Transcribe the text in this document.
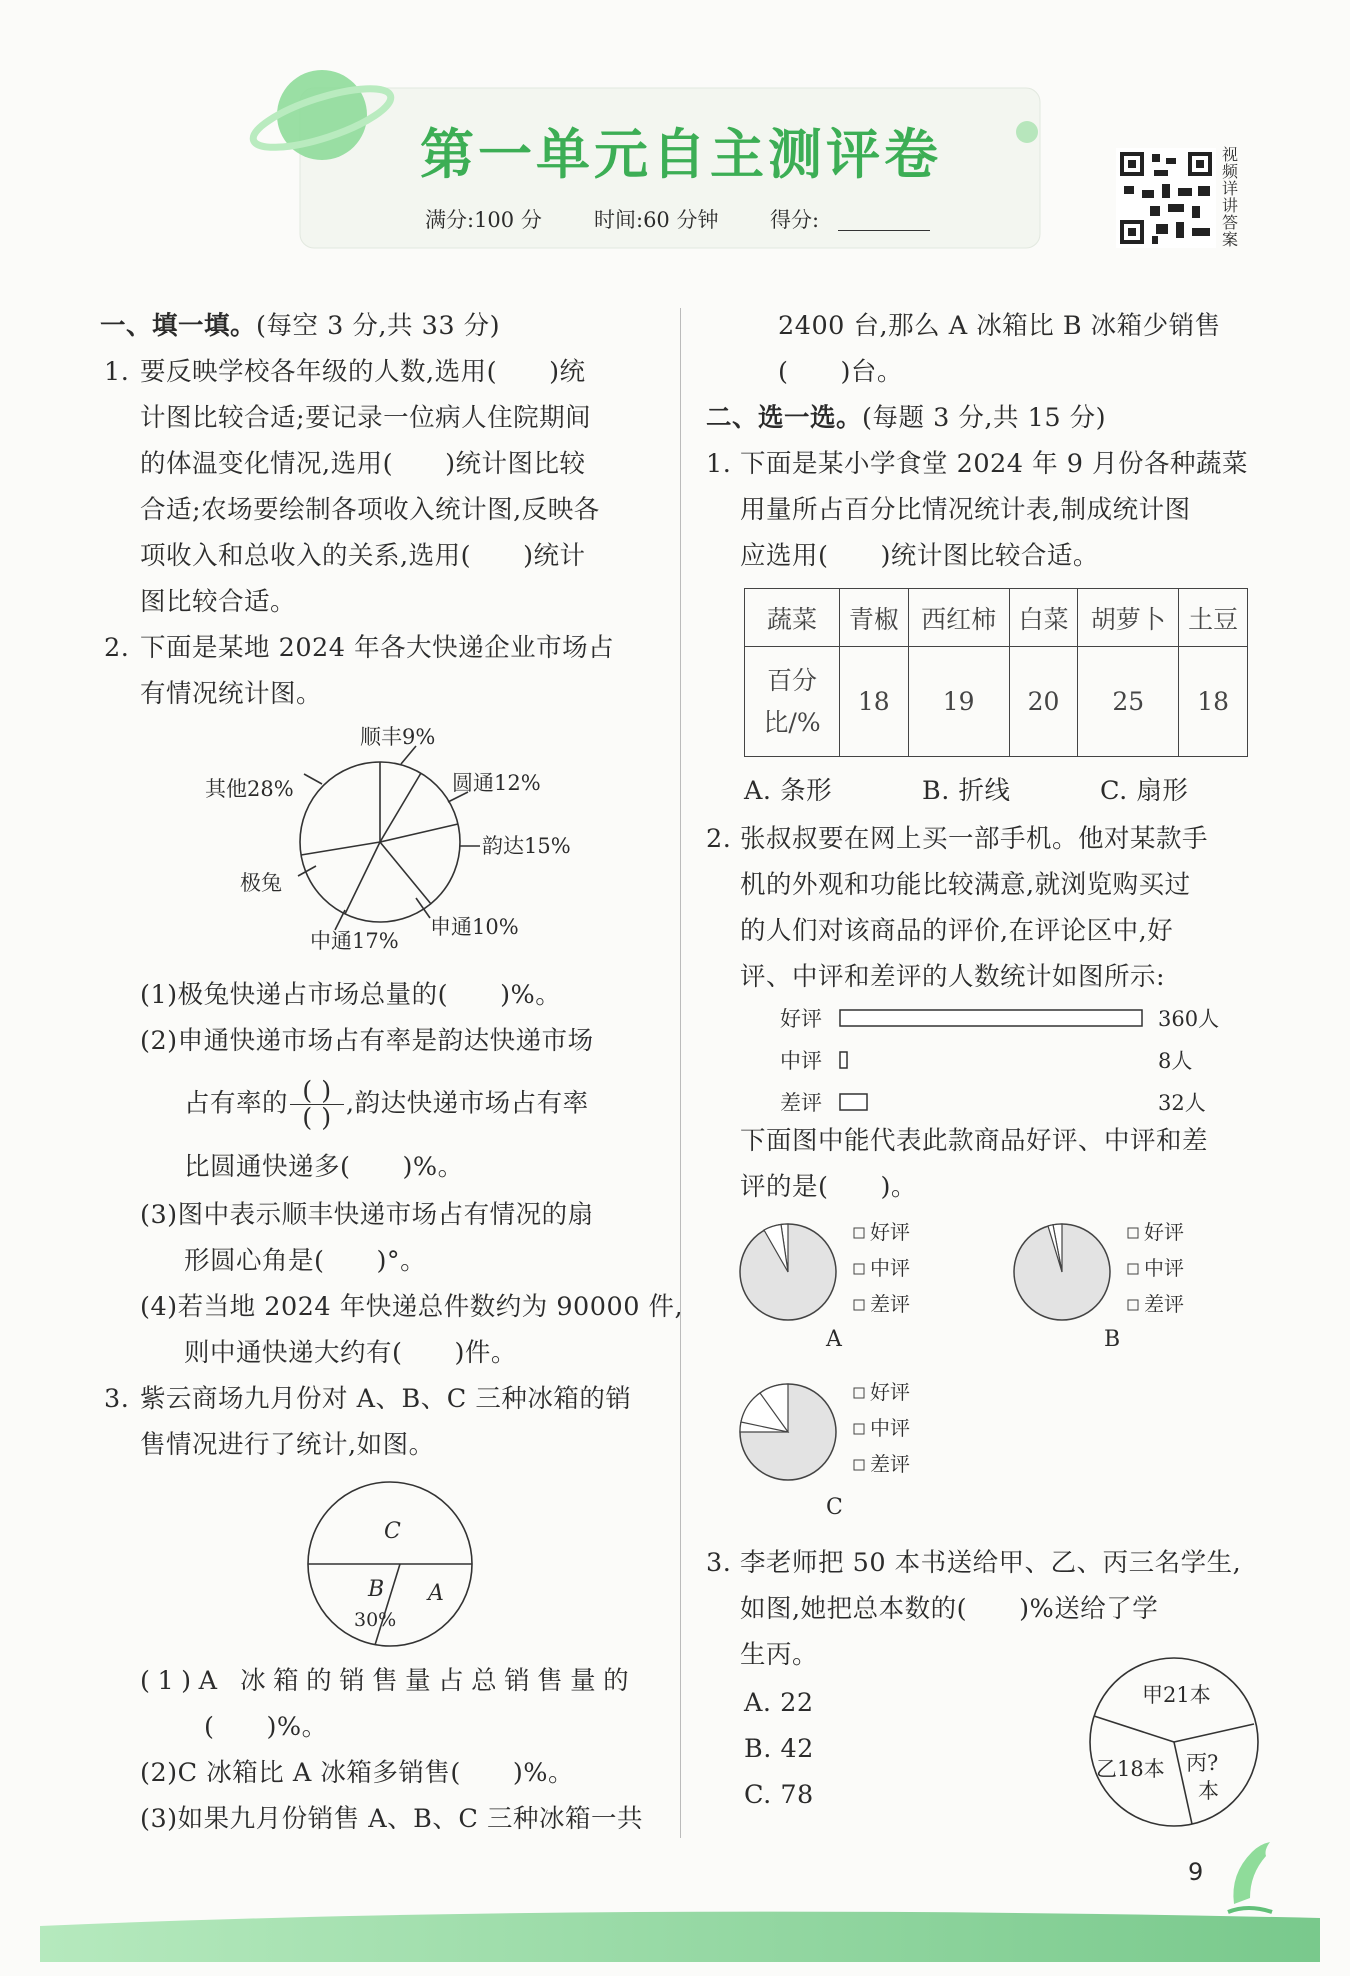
第一单元自主测评卷
满分:100 分 时间:60 分钟 得分:
视频详讲答案
一、填一填。(每空 3 分,共 33 分)
1. 要反映学校各年级的人数,选用( )统
计图比较合适;要记录一位病人住院期间
的体温变化情况,选用( )统计图比较
合适;农场要绘制各项收入统计图,反映各
项收入和总收入的关系,选用( )统计
图比较合适。
2. 下面是某地 2024 年各大快递企业市场占
有情况统计图。
顺丰9%
圆通12%
韵达15%
申通10%
中通17%
极兔
其他28%
(1)极兔快递占市场总量的( )%。
(2)申通快递市场占有率是韵达快递市场
占有率的 $\frac{( )}{( )}$ ,韵达快递市场占有率
比圆通快递多( )%。
(3)图中表示顺丰快递市场占有情况的扇
形圆心角是( )°。
(4)若当地 2024 年快递总件数约为 90000 件,
则中通快递大约有( )件。
3. 紫云商场九月份对 A、B、C 三种冰箱的销
售情况进行了统计,如图。
C
B A
30%
(1)A 冰箱的销售量占总销售量的
( )%。
(2)C 冰箱比 A 冰箱多销售( )%。
(3)如果九月份销售 A、B、C 三种冰箱一共
2400 台,那么 A 冰箱比 B 冰箱少销售
( )台。
二、选一选。(每题 3 分,共 15 分)
1. 下面是某小学食堂 2024 年 9 月份各种蔬菜
用量所占百分比情况统计表,制成统计图
应选用( )统计图比较合适。
蔬菜	青椒	西红柿	白菜	胡萝卜	土豆

百分
比/%	18	19	20	25	18
A. 条形	B. 折线	C. 扇形
2. 张叔叔要在网上买一部手机。他对某款手
机的外观和功能比较满意,就浏览购买过
的人们对该商品的评价,在评论区中,好
评、中评和差评的人数统计如图所示:
好评
中评
差评
360人
8人
32人
下面图中能代表此款商品好评、中评和差
评的是( )。
好评
中评
差评
A
好评
中评
差评
B
好评
中评
差评
C
3. 李老师把 50 本书送给甲、乙、丙三名学生,
如图,她把总本数的( )%送给了学
生丙。
A. 22
B. 42
C. 78
甲21本
乙18本 丙?
本
9
